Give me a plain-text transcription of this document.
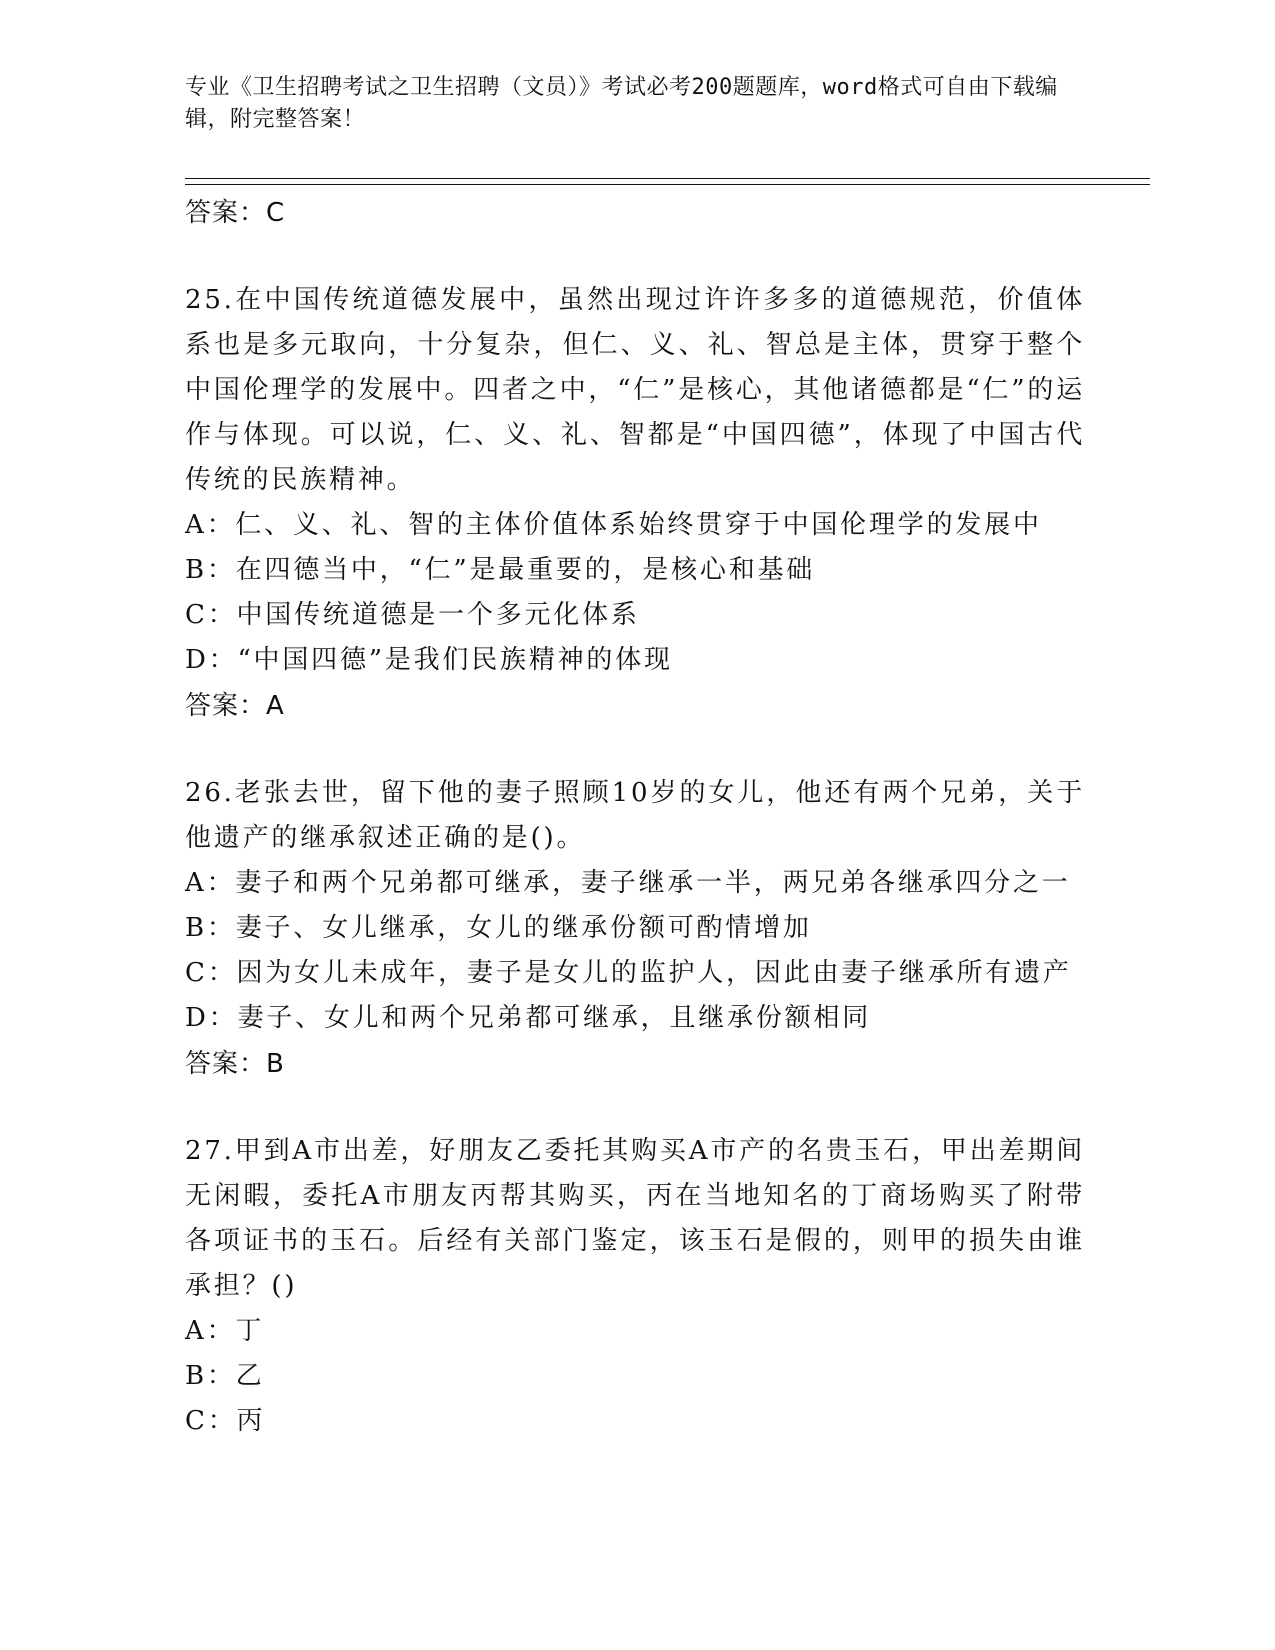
专业《卫生招聘考试之卫生招聘（文员）》考试必考200题题库，word格式可自由下载编辑，附完整答案！

答案：C

25.在中国传统道德发展中，虽然出现过许许多多的道德规范，价值体系也是多元取向，十分复杂，但仁、义、礼、智总是主体，贯穿于整个中国伦理学的发展中。四者之中，“仁”是核心，其他诸德都是“仁”的运作与体现。可以说，仁、义、礼、智都是“中国四德”，体现了中国古代传统的民族精神。

A：仁、义、礼、智的主体价值体系始终贯穿于中国伦理学的发展中

B：在四德当中，“仁”是最重要的，是核心和基础

C：中国传统道德是一个多元化体系

D：“中国四德”是我们民族精神的体现

答案：A

26.老张去世，留下他的妻子照顾10岁的女儿，他还有两个兄弟，关于他遗产的继承叙述正确的是()。

A：妻子和两个兄弟都可继承，妻子继承一半，两兄弟各继承四分之一

B：妻子、女儿继承，女儿的继承份额可酌情增加

C：因为女儿未成年，妻子是女儿的监护人，因此由妻子继承所有遗产

D：妻子、女儿和两个兄弟都可继承，且继承份额相同

答案：B

27.甲到A市出差，好朋友乙委托其购买A市产的名贵玉石，甲出差期间无闲暇，委托A市朋友丙帮其购买，丙在当地知名的丁商场购买了附带各项证书的玉石。后经有关部门鉴定，该玉石是假的，则甲的损失由谁承担？()

A：丁

B：乙

C：丙
